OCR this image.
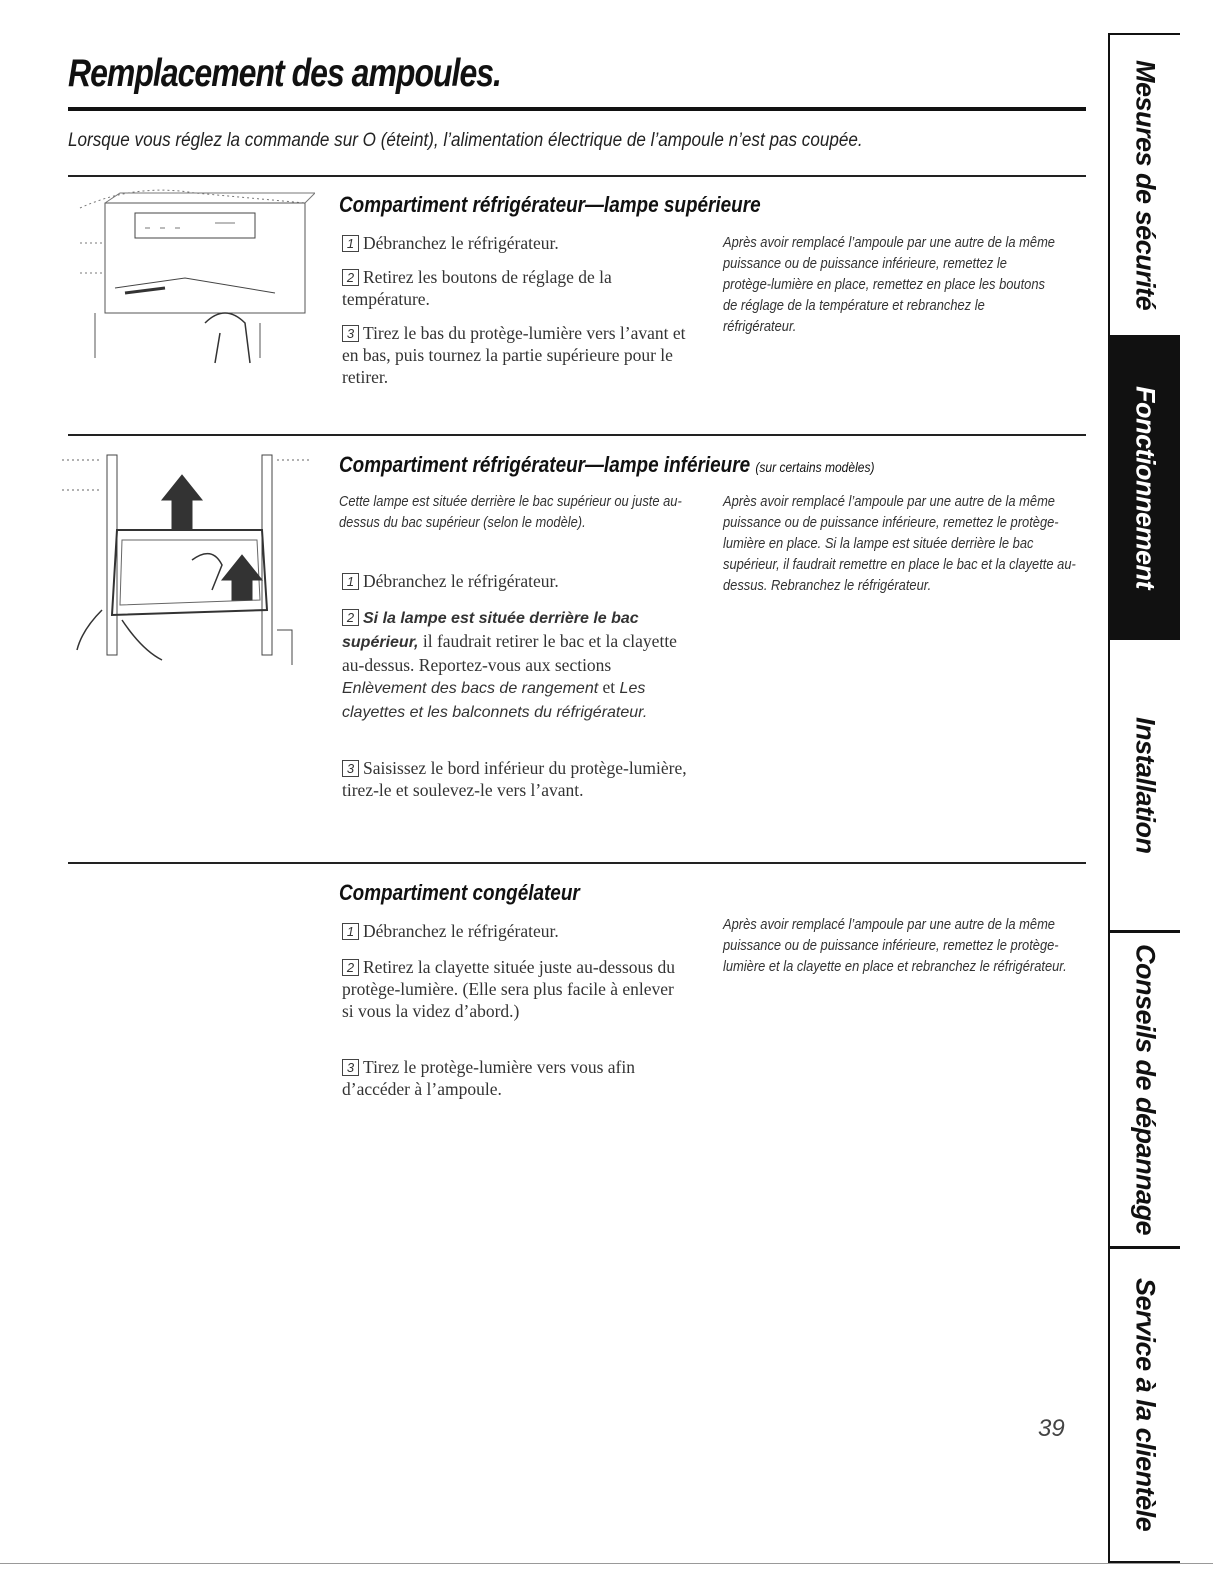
Remplacement des ampoules.
Lorsque vous réglez la commande sur O (éteint), l’alimentation électrique de l’ampoule n’est pas coupée.
Compartiment réfrigérateur—lampe supérieure
1 Débranchez le réfrigérateur.
2 Retirez les boutons de réglage de la température.
3 Tirez le bas du protège-lumière vers l’avant et en bas, puis tournez la partie supérieure pour le retirer.
Après avoir remplacé l’ampoule par une autre de la même puissance ou de puissance inférieure, remettez le protège-lumière en place, remettez en place les boutons de réglage de la température et rebranchez le réfrigérateur.
Compartiment réfrigérateur—lampe inférieure (sur certains modèles)
Cette lampe est située derrière le bac supérieur ou juste au-dessus du bac supérieur (selon le modèle).
1 Débranchez le réfrigérateur.
2 Si la lampe est située derrière le bac supérieur, il faudrait retirer le bac et la clayette au-dessus. Reportez-vous aux sections Enlèvement des bacs de rangement et Les clayettes et les balconnets du réfrigérateur.
3 Saisissez le bord inférieur du protège-lumière, tirez-le et soulevez-le vers l’avant.
Après avoir remplacé l’ampoule par une autre de la même puissance ou de puissance inférieure, remettez le protège-lumière en place. Si la lampe est située derrière le bac supérieur, il faudrait remettre en place le bac et la clayette au-dessus. Rebranchez le réfrigérateur.
Compartiment congélateur
1 Débranchez le réfrigérateur.
2 Retirez la clayette située juste au-dessous du protège-lumière. (Elle sera plus facile à enlever si vous la videz d’abord.)
3 Tirez le protège-lumière vers vous afin d’accéder à l’ampoule.
Après avoir remplacé l’ampoule par une autre de la même puissance ou de puissance inférieure, remettez le protège-lumière et la clayette en place et rebranchez le réfrigérateur.
Mesures de sécurité
Fonctionnement
Installation
Conseils de dépannage
Service à la clientèle
39
